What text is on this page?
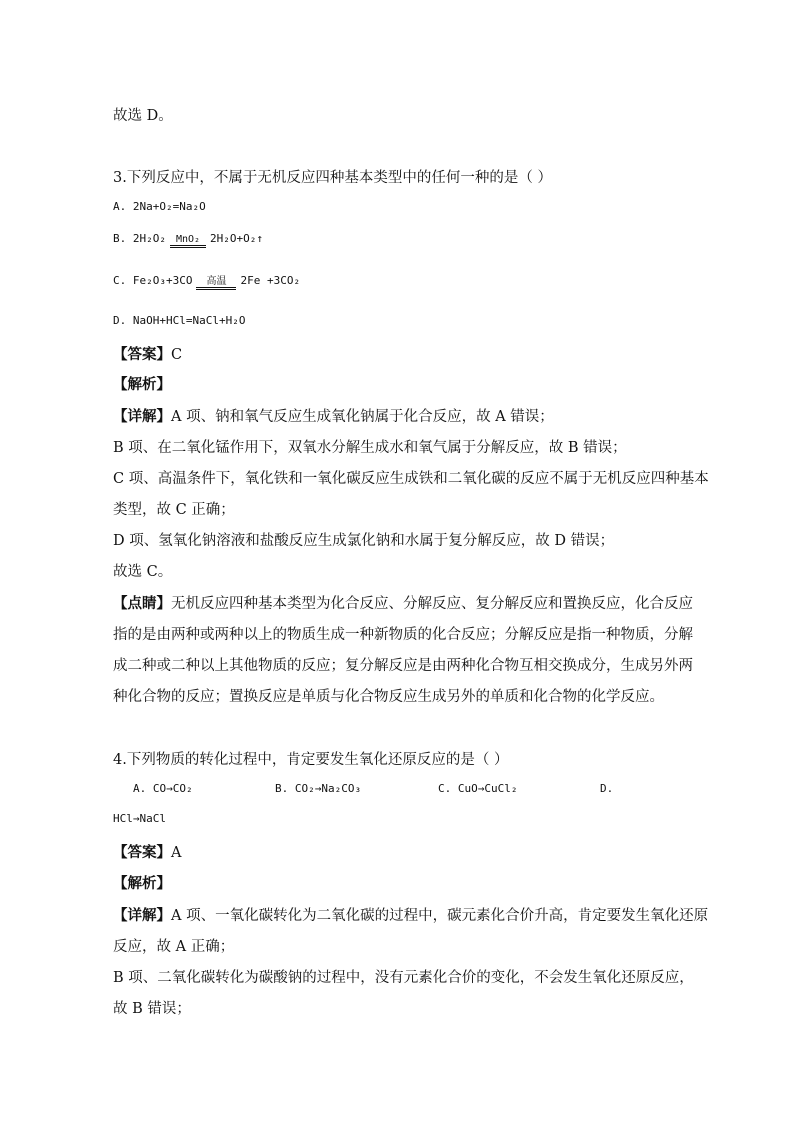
故选 D。
3.下列反应中，不属于无机反应四种基本类型中的任何一种的是（ ）
A. 2Na+O₂=Na₂O
B. 2H₂O₂ MnO₂ 2H₂O+O₂↑
C. Fe₂O₃+3CO	高温	2Fe +3CO₂
D. NaOH+HCl=NaCl+H₂O
【答案】C
【解析】
【详解】A 项、钠和氧气反应生成氧化钠属于化合反应，故 A 错误；
B 项、在二氧化锰作用下，双氧水分解生成水和氧气属于分解反应，故 B 错误；
C 项、高温条件下，氧化铁和一氧化碳反应生成铁和二氧化碳的反应不属于无机反应四种基本
类型，故 C 正确；
D 项、氢氧化钠溶液和盐酸反应生成氯化钠和水属于复分解反应，故 D 错误；
故选 C。
【点睛】无机反应四种基本类型为化合反应、分解反应、复分解反应和置换反应，化合反应
指的是由两种或两种以上的物质生成一种新物质的化合反应；分解反应是指一种物质，分解
成二种或二种以上其他物质的反应；复分解反应是由两种化合物互相交换成分，生成另外两
种化合物的反应；置换反应是单质与化合物反应生成另外的单质和化合物的化学反应。
4.下列物质的转化过程中，肯定要发生氧化还原反应的是（ ）
A. CO→CO₂	B. CO₂→Na₂CO₃	C. CuO→CuCl₂	D.
HCl→NaCl
【答案】A
【解析】
【详解】A 项、一氧化碳转化为二氧化碳的过程中，碳元素化合价升高，肯定要发生氧化还原
反应，故 A 正确；
B 项、二氧化碳转化为碳酸钠的过程中，没有元素化合价的变化，不会发生氧化还原反应，
故 B 错误；
